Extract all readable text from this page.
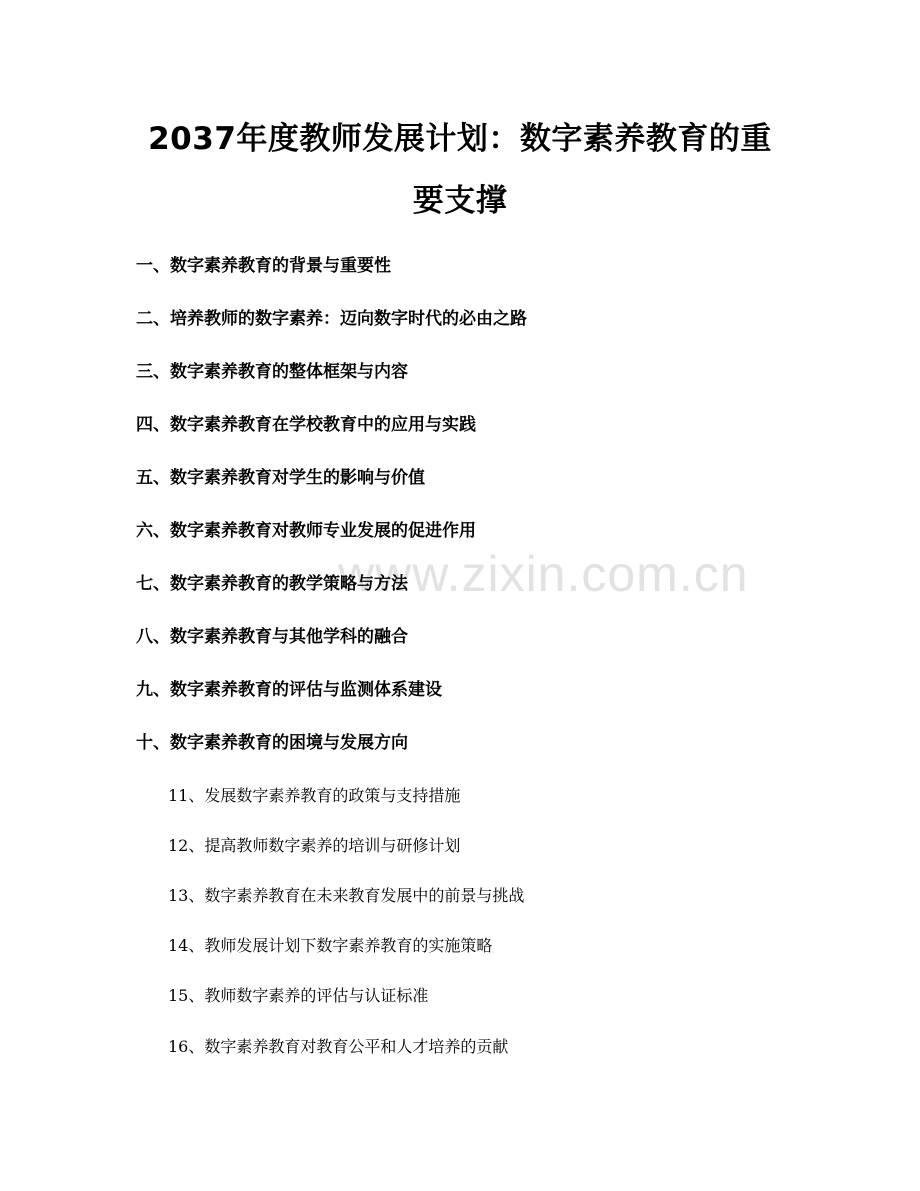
2037年度教师发展计划：数字素养教育的重
要支撑
www.zixin.com.cn
一、数字素养教育的背景与重要性
二、培养教师的数字素养：迈向数字时代的必由之路
三、数字素养教育的整体框架与内容
四、数字素养教育在学校教育中的应用与实践
五、数字素养教育对学生的影响与价值
六、数字素养教育对教师专业发展的促进作用
七、数字素养教育的教学策略与方法
八、数字素养教育与其他学科的融合
九、数字素养教育的评估与监测体系建设
十、数字素养教育的困境与发展方向
11、发展数字素养教育的政策与支持措施
12、提高教师数字素养的培训与研修计划
13、数字素养教育在未来教育发展中的前景与挑战
14、教师发展计划下数字素养教育的实施策略
15、教师数字素养的评估与认证标准
16、数字素养教育对教育公平和人才培养的贡献
